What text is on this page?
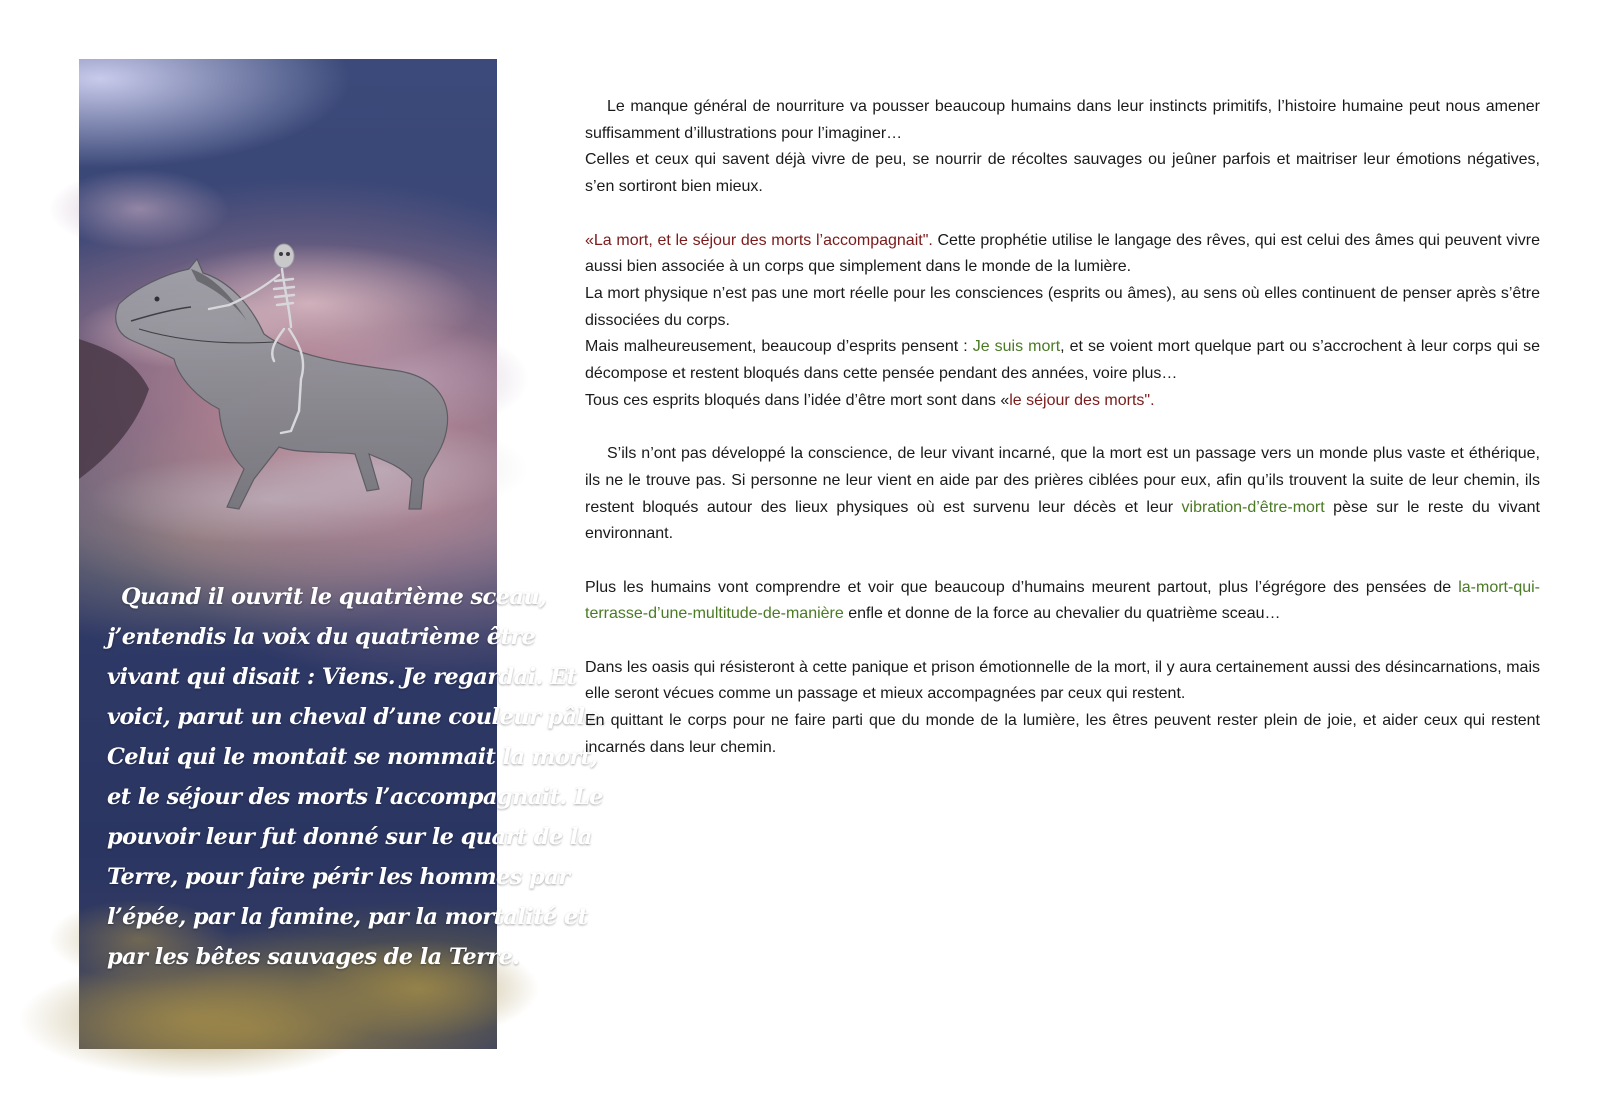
Quand il ouvrit le quatrième sceau,
j’entendis la voix du quatrième être
vivant qui disait : Viens. Je regardai. Et
voici, parut un cheval d’une couleur pâle.
Celui qui le montait se nommait la mort,
et le séjour des morts l’accompagnait. Le
pouvoir leur fut donné sur le quart de la
Terre, pour faire périr les hommes par
l’épée, par la famine, par la mortalité et
par les bêtes sauvages de la Terre.

Le manque général de nourriture va pousser beaucoup humains dans leur instincts primitifs, l’histoire humaine peut nous amener suffisamment d’illustrations pour l’imaginer…

Celles et ceux qui savent déjà vivre de peu, se nourrir de récoltes sauvages ou jeûner parfois et maitriser leur émotions négatives, s’en sortiront bien mieux.

«La mort, et le séjour des morts l’accompagnait". Cette prophétie utilise le langage des rêves, qui est celui des âmes qui peuvent vivre aussi bien associée à un corps que simplement dans le monde de la lumière.

La mort physique n’est pas une mort réelle pour les consciences (esprits ou âmes), au sens où elles continuent de penser après s’être dissociées du corps.

Mais malheureusement, beaucoup d’esprits pensent : Je suis mort, et se voient mort quelque part ou s’accrochent à leur corps qui se décompose et restent bloqués dans cette pensée pendant des années, voire plus…

Tous ces esprits bloqués dans l’idée d’être mort sont dans «le séjour des morts".

S’ils n’ont pas développé la conscience, de leur vivant incarné, que la mort est un passage vers un monde plus vaste et éthérique, ils ne le trouve pas. Si personne ne leur vient en aide par des prières ciblées pour eux, afin qu’ils trouvent la suite de leur chemin, ils restent bloqués autour des lieux physiques où est survenu leur décès et leur vibration-d’être-mort pèse sur le reste du vivant environnant.

Plus les humains vont comprendre et voir que beaucoup d’humains meurent partout, plus l’égrégore des pensées de la-mort-qui-terrasse-d’une-multitude-de-manière enfle et donne de la force au chevalier du quatrième sceau…

Dans les oasis qui résisteront à cette panique et prison émotionnelle de la mort, il y aura certainement aussi des désincarnations, mais elle seront vécues comme un passage et mieux accompagnées par ceux qui restent.

En quittant le corps pour ne faire parti que du monde de la lumière, les êtres peuvent rester plein de joie, et aider ceux qui restent incarnés dans leur chemin.
